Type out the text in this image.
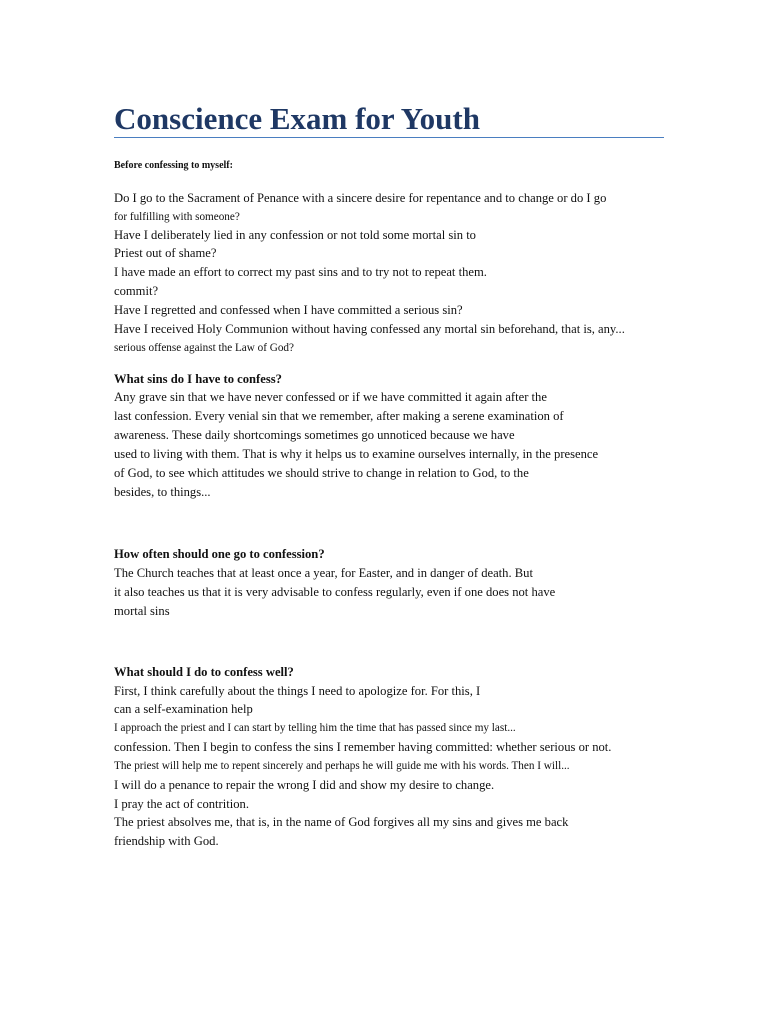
Conscience Exam for Youth
Before confessing to myself:
Do I go to the Sacrament of Penance with a sincere desire for repentance and to change or do I go
for fulfilling with someone?
Have I deliberately lied in any confession or not told some mortal sin to
Priest out of shame?
I have made an effort to correct my past sins and to try not to repeat them.
commit?
Have I regretted and confessed when I have committed a serious sin?
Have I received Holy Communion without having confessed any mortal sin beforehand, that is, any...
serious offense against the Law of God?
What sins do I have to confess?
Any grave sin that we have never confessed or if we have committed it again after the
last confession. Every venial sin that we remember, after making a serene examination of
awareness. These daily shortcomings sometimes go unnoticed because we have
used to living with them. That is why it helps us to examine ourselves internally, in the presence
of God, to see which attitudes we should strive to change in relation to God, to the
besides, to things...
How often should one go to confession?
The Church teaches that at least once a year, for Easter, and in danger of death. But
it also teaches us that it is very advisable to confess regularly, even if one does not have
mortal sins
What should I do to confess well?
First, I think carefully about the things I need to apologize for. For this, I
can a self-examination help
I approach the priest and I can start by telling him the time that has passed since my last...
confession. Then I begin to confess the sins I remember having committed: whether serious or not.
The priest will help me to repent sincerely and perhaps he will guide me with his words. Then I will...
I will do a penance to repair the wrong I did and show my desire to change.
I pray the act of contrition.
The priest absolves me, that is, in the name of God forgives all my sins and gives me back
friendship with God.
